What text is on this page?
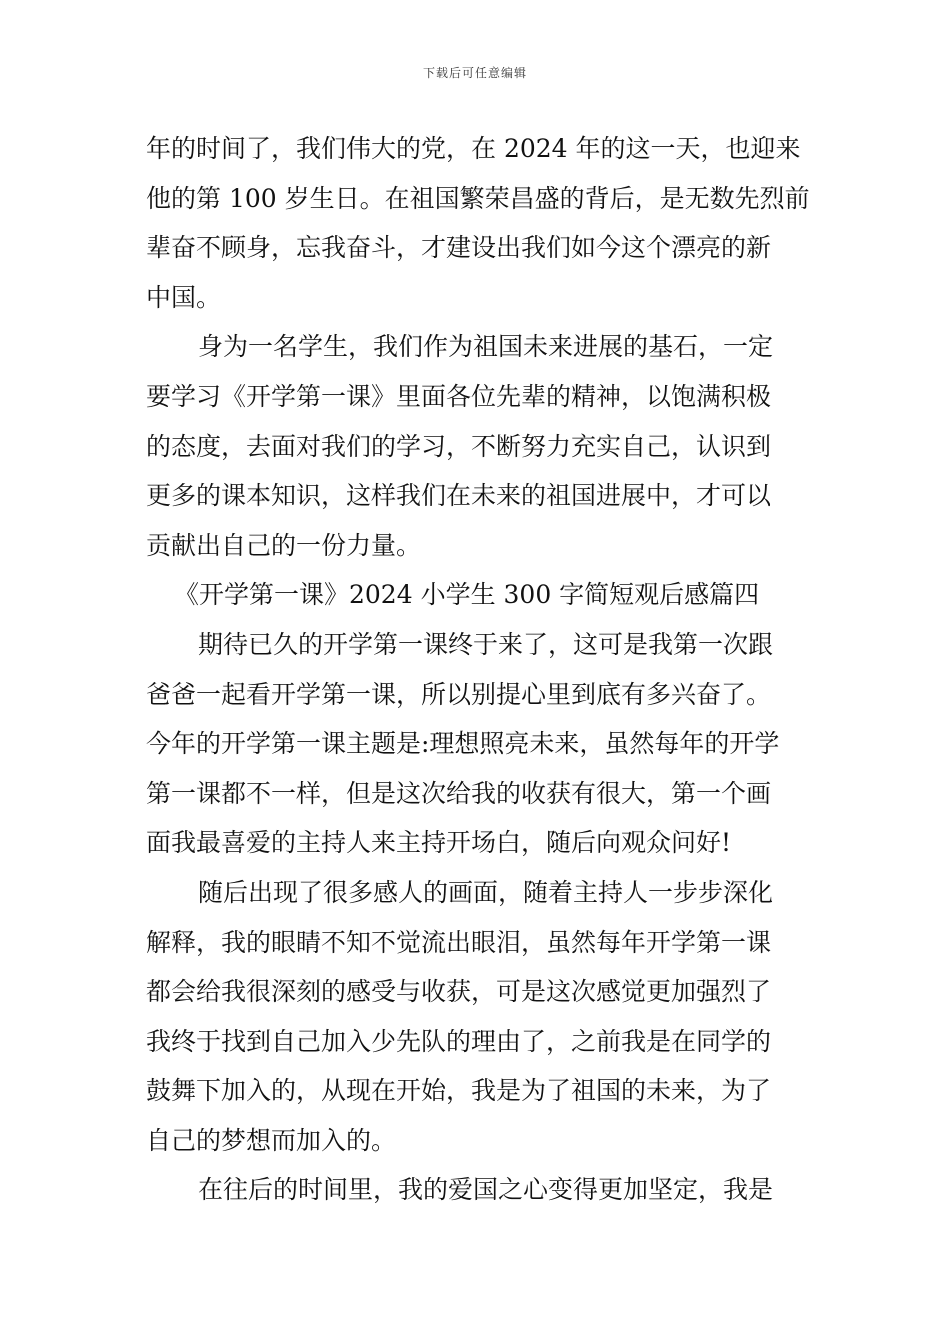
下载后可任意编辑
年的时间了，我们伟大的党，在 2024 年的这一天，也迎来
他的第 100 岁生日。在祖国繁荣昌盛的背后，是无数先烈前
辈奋不顾身，忘我奋斗，才建设出我们如今这个漂亮的新
中国。
身为一名学生，我们作为祖国未来进展的基石，一定
要学习《开学第一课》里面各位先辈的精神，以饱满积极
的态度，去面对我们的学习，不断努力充实自己，认识到
更多的课本知识，这样我们在未来的祖国进展中，才可以
贡献出自己的一份力量。
《开学第一课》2024 小学生 300 字简短观后感篇四
期待已久的开学第一课终于来了，这可是我第一次跟
爸爸一起看开学第一课，所以别提心里到底有多兴奋了。
今年的开学第一课主题是:理想照亮未来，虽然每年的开学
第一课都不一样，但是这次给我的收获有很大，第一个画
面我最喜爱的主持人来主持开场白，随后向观众问好!
随后出现了很多感人的画面，随着主持人一步步深化
解释，我的眼睛不知不觉流出眼泪，虽然每年开学第一课
都会给我很深刻的感受与收获，可是这次感觉更加强烈了
我终于找到自己加入少先队的理由了，之前我是在同学的
鼓舞下加入的，从现在开始，我是为了祖国的未来，为了
自己的梦想而加入的。
在往后的时间里，我的爱国之心变得更加坚定，我是
